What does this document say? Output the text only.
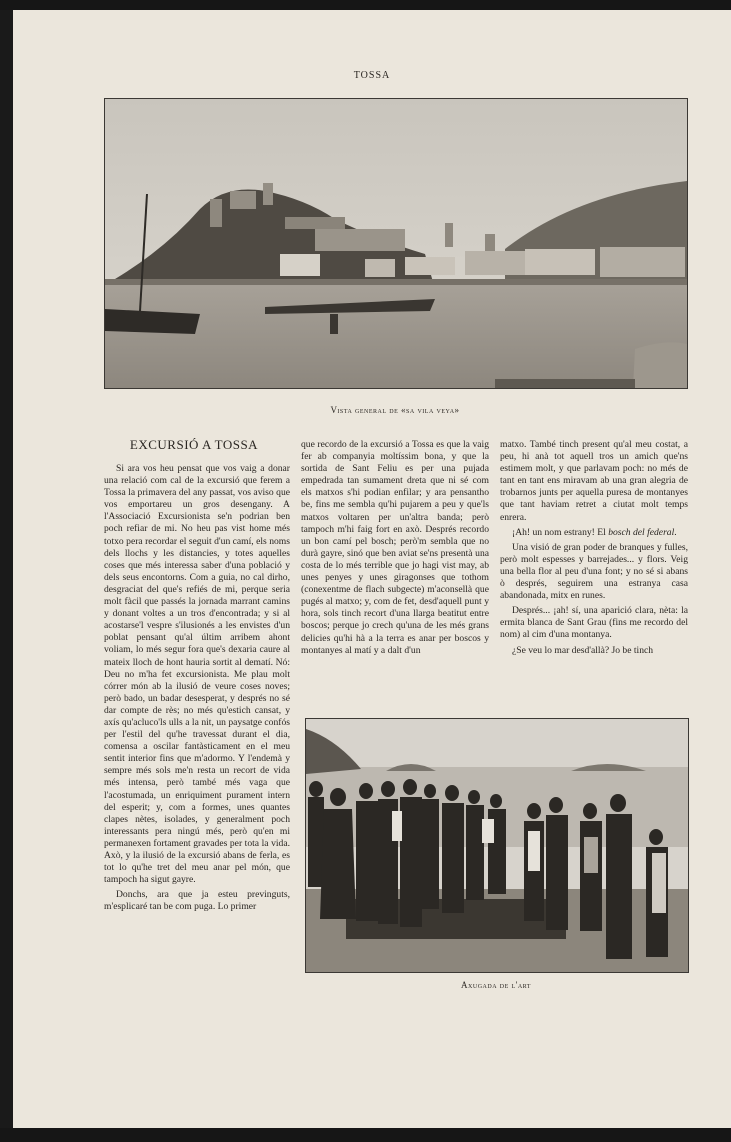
TOSSA
Vista general de «sa vila veya»
EXCURSIÓ A TOSSA

Si ara vos heu pensat que vos vaig a donar una relació com cal de la excursió que ferem a Tossa la primavera del any passat, vos aviso que vos emportareu un gros desengany. A l'Associació Excursionista se'n podrian ben poch refiar de mi. No heu pas vist home més totxo pera recordar el seguit d'un camí, els noms dels llochs y les distancies, y totes aquelles coses que més interessa saber d'una població y dels seus encontorns. Com a guia, no cal dirho, desgraciat del que's refiés de mi, perque seria molt fàcil que passés la jornada marrant camins y donant voltes a un tros d'encontrada; y si al acostarse'l vespre s'ilusionés a les envistes d'un poblat pensant qu'al últim arribem ahont voliam, lo més segur fora que's dexaria caure al mateix lloch de hont hauria sortit al dematí. Nó: Deu no m'ha fet excursionista. Me plau molt córrer món ab la ilusió de veure coses noves; però bado, un badar desesperat, y després no sé dar compte de rès; no més qu'estich cansat, y axís qu'acluco'ls ulls a la nit, un paysatge confós per l'estil del qu'he travessat durant el dia, comensa a oscilar fantàsticament en el meu sentit interior fins que m'adormo. Y l'endemà y sempre més sols me'n resta un recort de vida més intensa, però també més vaga que l'acostumada, un enriquiment purament intern del esperit; y, com a formes, unes quantes clapes nètes, isolades, y generalment poch interessants pera ningú més, però qu'en mi permanexen fortament gravades per tota la vida. Axò, y la ilusió de la excursió abans de ferla, es tot lo qu'he tret del meu anar pel món, que tampoch ha sigut gayre.

Donchs, ara que ja esteu previnguts, m'esplicaré tan be com puga. Lo primer

que recordo de la excursió a Tossa es que la vaig fer ab companyia moltíssim bona, y que la sortida de Sant Feliu es per una pujada empedrada tan sumament dreta que ni sé com els matxos s'hi podian enfilar; y ara pensantho be, fins me sembla qu'hi pujarem a peu y que'ls matxos voltaren per un'altra banda; però tampoch m'hi faig fort en axò. Després recordo un bon camí pel bosch; però'm sembla que no durà gayre, sinó que ben aviat se'ns presentà una costa de lo més terrible que jo hagi vist may, ab unes penyes y unes giragonses que tothom (conexentme de flach subgecte) m'aconsellà que pugés al matxo; y, com de fet, desd'aquell punt y hora, sols tinch recort d'una llarga beatitut entre boscos; perque jo crech qu'una de les més grans delicies qu'hi hà a la terra es anar per boscos y montanyes al matí y a dalt d'un

matxo. També tinch present qu'al meu costat, a peu, hi anà tot aquell tros un amich que'ns estimem molt, y que parlavam poch: no més de tant en tant ens miravam ab una gran alegria de trobarnos junts per aquella puresa de montanyes que tant haviam retret a ciutat molt temps enrera.

¡Ah! un nom estrany! El bosch del federal.

Una visió de gran poder de branques y fulles, però molt espesses y barrejades... y flors. Veig una bella flor al peu d'una font; y no sé si abans ò després, seguirem una estranya casa abandonada, mitx en runes.

Després... ¡ah! sí, una aparició clara, nèta: la ermita blanca de Sant Grau (fins me recordo del nom) al cim d'una montanya.

¿Se veu lo mar desd'allà? Jo be tinch

Axugada de l'art
